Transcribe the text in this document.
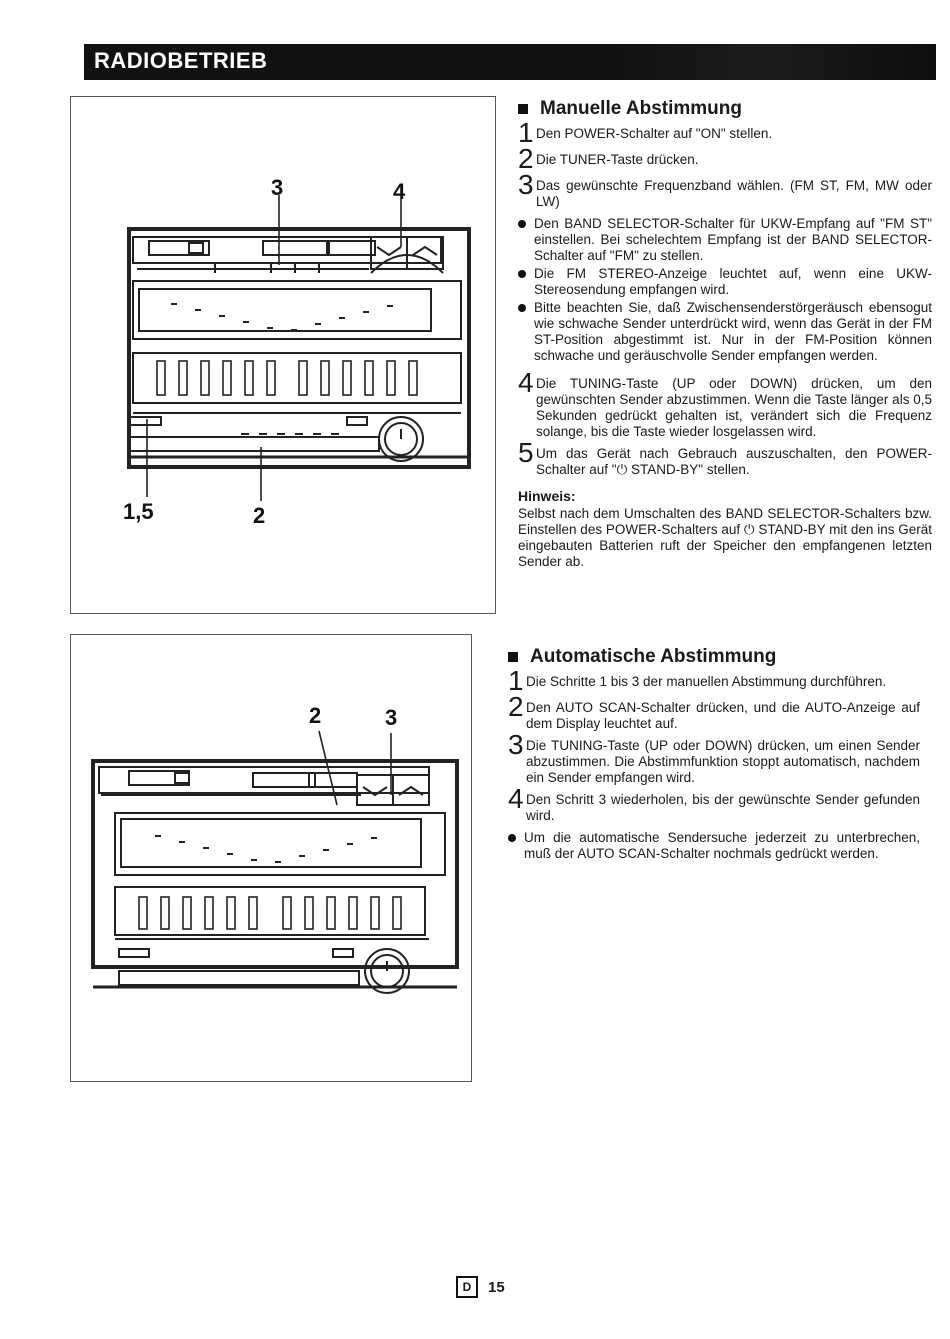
RADIOBETRIEB
3	4
1,5	2
2	3
Manuelle Abstimmung
1 Den POWER-Schalter auf "ON" stellen.
2 Die TUNER-Taste drücken.
3 Das gewünschte Frequenzband wählen. (FM ST, FM, MW oder LW)
Den BAND SELECTOR-Schalter für UKW-Empfang auf "FM ST" einstellen. Bei schelechtem Empfang ist der BAND SELECTOR-Schalter auf "FM" zu stellen.
Die FM STEREO-Anzeige leuchtet auf, wenn eine UKW-Stereosendung empfangen wird.
Bitte beachten Sie, daß Zwischensenderstörgeräusch ebensogut wie schwache Sender unterdrückt wird, wenn das Gerät in der FM ST-Position abgestimmt ist. Nur in der FM-Position können schwache und geräuschvolle Sender empfangen werden.
4 Die TUNING-Taste (UP oder DOWN) drücken, um den gewünschten Sender abzustimmen. Wenn die Taste länger als 0,5 Sekunden gedrückt gehalten ist, verändert sich die Frequenz solange, bis die Taste wieder losgelassen wird.
5 Um das Gerät nach Gebrauch auszuschalten, den POWER-Schalter auf "⏻ STAND-BY" stellen.
Hinweis:
Selbst nach dem Umschalten des BAND SELECTOR-Schalters bzw. Einstellen des POWER-Schalters auf ⏻ STAND-BY mit den ins Gerät eingebauten Batterien ruft der Speicher den empfangenen letzten Sender ab.
Automatische Abstimmung
1 Die Schritte 1 bis 3 der manuellen Abstimmung durchführen.
2 Den AUTO SCAN-Schalter drücken, und die AUTO-Anzeige auf dem Display leuchtet auf.
3 Die TUNING-Taste (UP oder DOWN) drücken, um einen Sender abzustimmen. Die Abstimmfunktion stoppt automatisch, nachdem ein Sender empfangen wird.
4 Den Schritt 3 wiederholen, bis der gewünschte Sender gefunden wird.
Um die automatische Sendersuche jederzeit zu unterbrechen, muß der AUTO SCAN-Schalter nochmals gedrückt werden.
D	15
